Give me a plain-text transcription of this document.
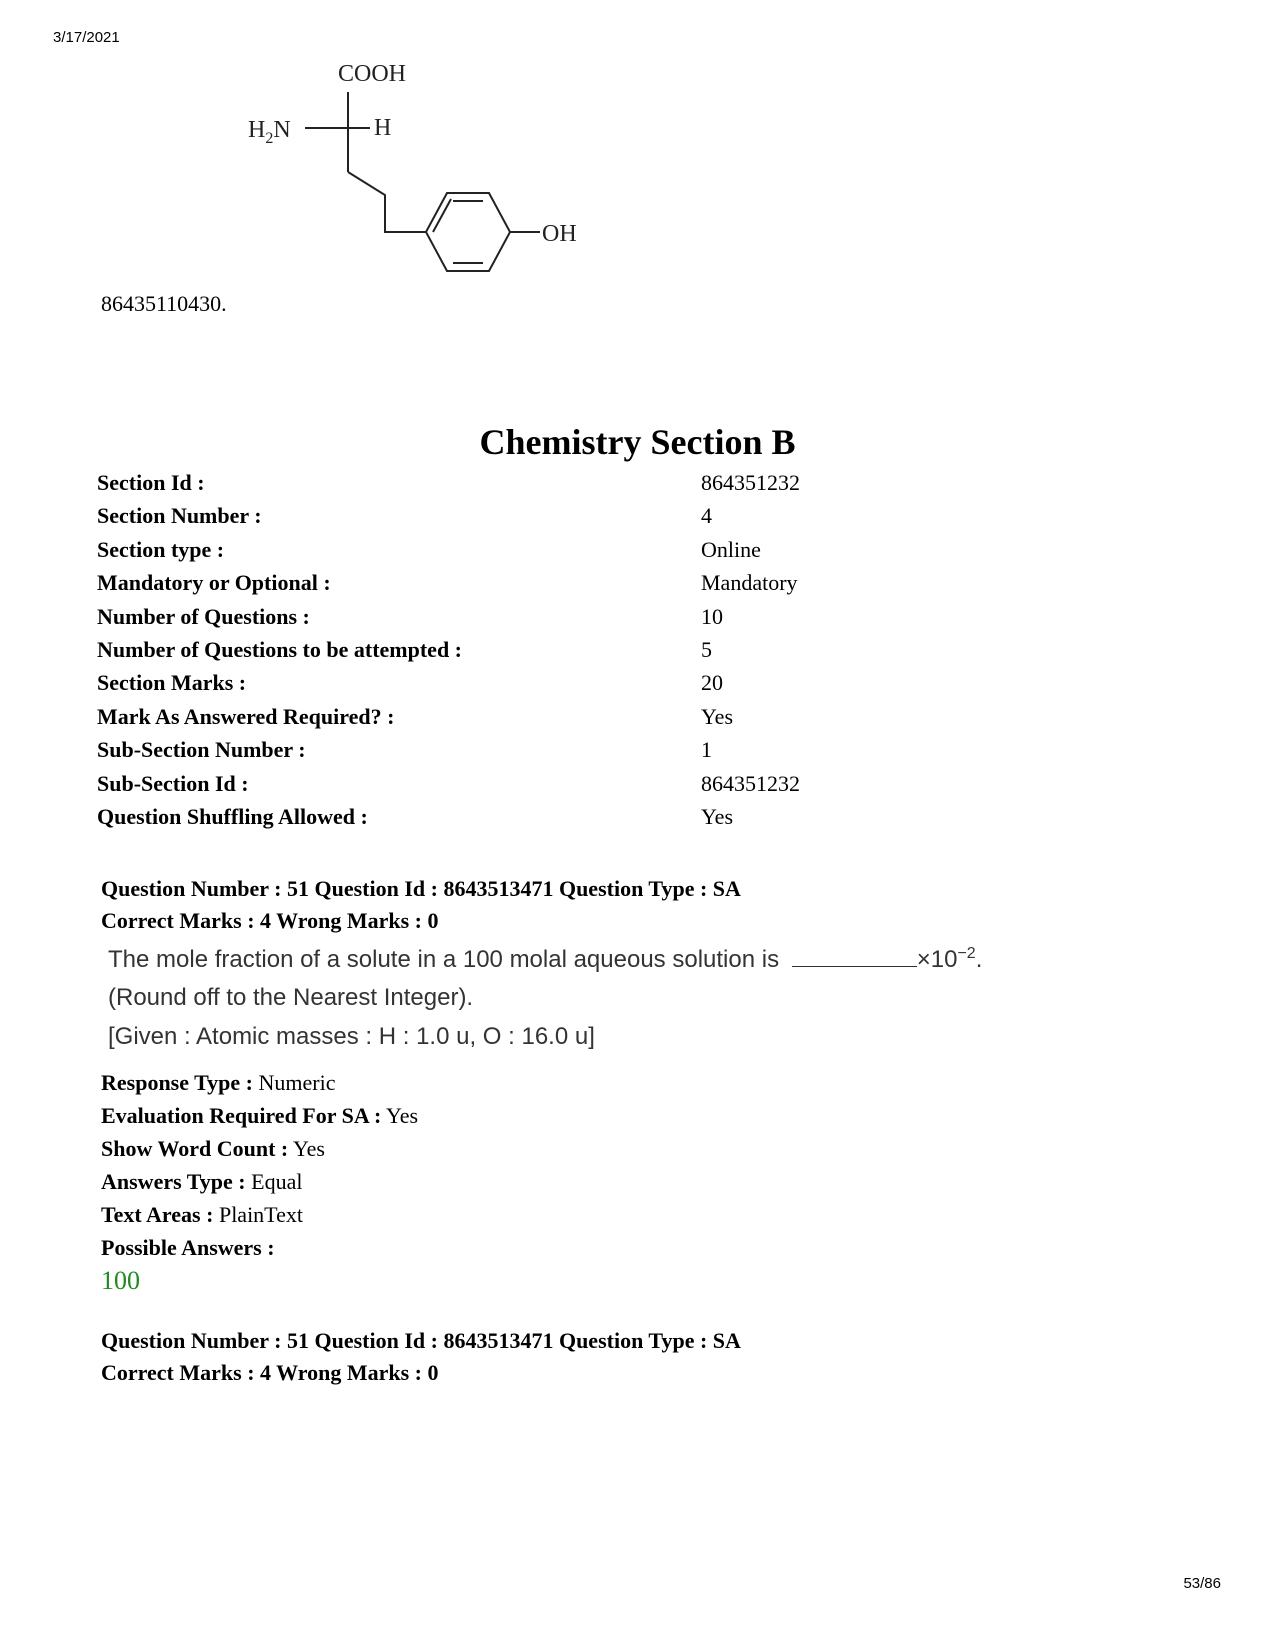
3/17/2021
COOH
$H_2N$	H
OH
86435110430.
Chemistry Section B
Section Id :	864351232
Section Number :	4
Section type :	Online
Mandatory or Optional :	Mandatory
Number of Questions :	10
Number of Questions to be attempted :	5
Section Marks :	20
Mark As Answered Required? :	Yes
Sub-Section Number :	1
Sub-Section Id :	864351232
Question Shuffling Allowed :	Yes
Question Number : 51 Question Id : 8643513471 Question Type : SA
Correct Marks : 4 Wrong Marks : 0
The mole fraction of a solute in a 100 molal aqueous solution is	$\times 10^{-2}$.
(Round off to the Nearest Integer).
[Given : Atomic masses : H : 1.0 u, O : 16.0 u]
Response Type : Numeric
Evaluation Required For SA : Yes
Show Word Count : Yes
Answers Type : Equal
Text Areas : PlainText
Possible Answers :
100
Question Number : 51 Question Id : 8643513471 Question Type : SA
Correct Marks : 4 Wrong Marks : 0
53/86
